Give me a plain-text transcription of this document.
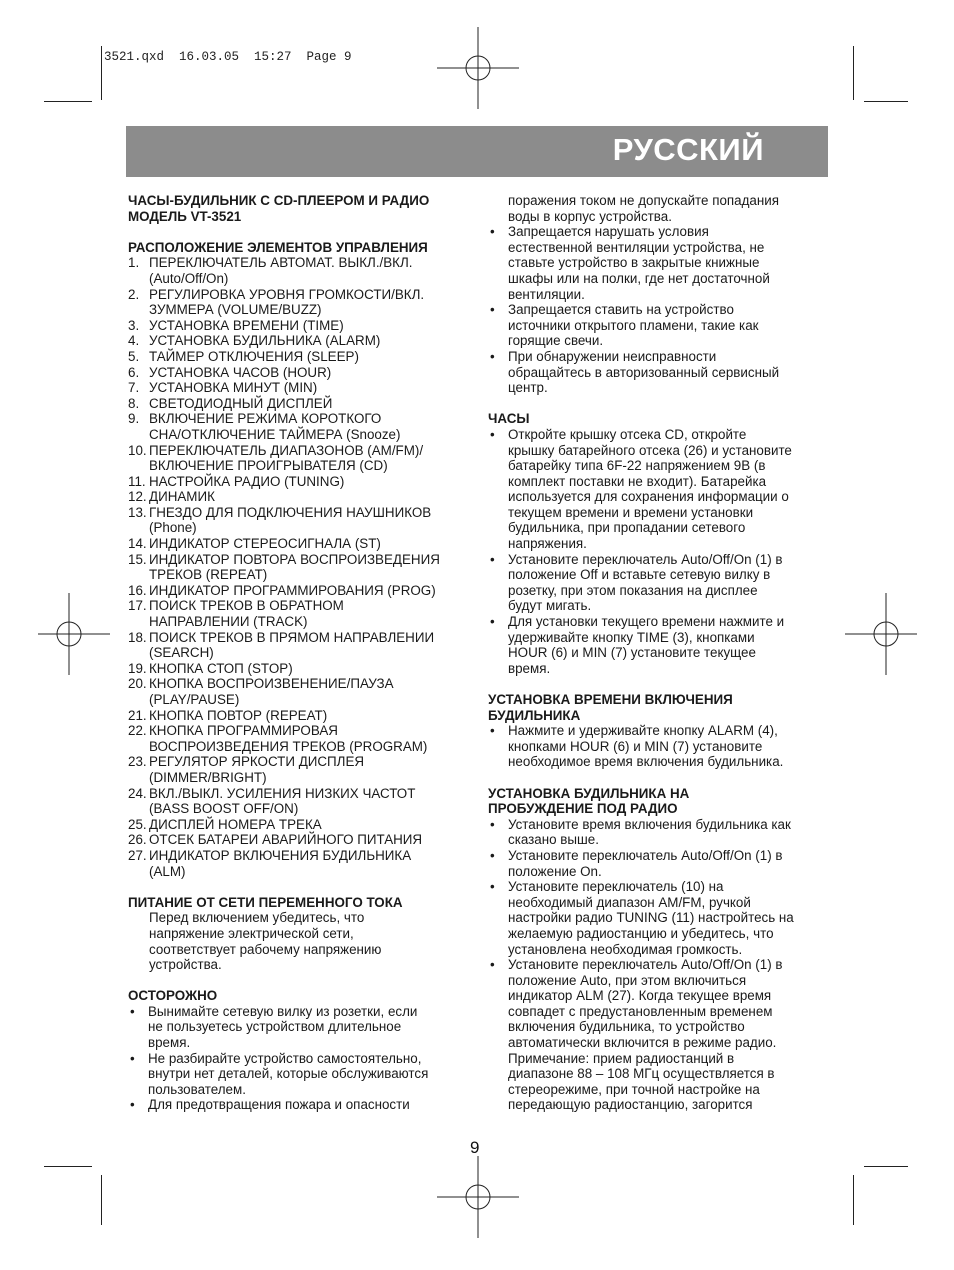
3521.qxd  16.03.05  15:27  Page 9
РУССКИЙ

ЧАСЫ-БУДИЛЬНИК С CD-ПЛЕЕРОМ И РАДИО

МОДЕЛЬ VT-3521

РАСПОЛОЖЕНИЕ ЭЛЕМЕНТОВ УПРАВЛЕНИЯ

1. ПЕРЕКЛЮЧАТЕЛЬ АВТОМАТ. ВЫКЛ./ВКЛ.
(Auto/Off/On)
2. РЕГУЛИРОВКА УРОВНЯ ГРОМКОСТИ/ВКЛ.
ЗУММЕРА (VOLUME/BUZZ)
3. УСТАНОВКА ВРЕМЕНИ (TIME)
4. УСТАНОВКА БУДИЛЬНИКА (ALARM)
5. ТАЙМЕР ОТКЛЮЧЕНИЯ (SLEEP)
6. УСТАНОВКА ЧАСОВ (HOUR)
7. УСТАНОВКА МИНУТ (MIN)
8. СВЕТОДИОДНЫЙ ДИСПЛЕЙ
9. ВКЛЮЧЕНИЕ РЕЖИМА КОРОТКОГО
СНА/ОТКЛЮЧЕНИЕ ТАЙМЕРА (Snooze)
10. ПЕРЕКЛЮЧАТЕЛЬ ДИАПАЗОНОВ (AM/FM)/
ВКЛЮЧЕНИЕ ПРОИГРЫВАТЕЛЯ (CD)
11. НАСТРОЙКА РАДИО (TUNING)
12. ДИНАМИК
13. ГНЕЗДО ДЛЯ ПОДКЛЮЧЕНИЯ НАУШНИКОВ
(Phone)
14. ИНДИКАТОР СТЕРЕОСИГНАЛА (ST)
15. ИНДИКАТОР ПОВТОРА ВОСПРОИЗВЕДЕНИЯ
ТРЕКОВ (REPEAT)
16. ИНДИКАТОР ПРОГРАММИРОВАНИЯ (PROG)
17. ПОИСК ТРЕКОВ В ОБРАТНОМ
НАПРАВЛЕНИИ (TRACK)
18. ПОИСК ТРЕКОВ В ПРЯМОМ НАПРАВЛЕНИИ
(SEARCH)
19. КНОПКА СТОП (STOP)
20. КНОПКА ВОСПРОИЗВЕНЕНИЕ/ПАУЗА
(PLAY/PAUSE)
21. КНОПКА ПОВТОР (REPEAT)
22. КНОПКА ПРОГРАММИРОВАЯ
ВОСПРОИЗВЕДЕНИЯ ТРЕКОВ (PROGRAM)
23. РЕГУЛЯТОР ЯРКОСТИ ДИСПЛЕЯ
(DIMMER/BRIGHT)
24. ВКЛ./ВЫКЛ. УСИЛЕНИЯ НИЗКИХ ЧАСТОТ
(BASS BOOST OFF/ON)
25. ДИСПЛЕЙ НОМЕРА ТРЕКА
26. ОТСЕК БАТАРЕИ АВАРИЙНОГО ПИТАНИЯ
27. ИНДИКАТОР ВКЛЮЧЕНИЯ БУДИЛЬНИКА
(ALM)

ПИТАНИЕ ОТ СЕТИ ПЕРЕМЕННОГО ТОКА

Перед включением убедитесь, что
напряжение электрической сети,
соответствует рабочему напряжению
устройства.

ОСТОРОЖНО

• Вынимайте сетевую вилку из розетки, если
не пользуетесь устройством длительное
время.
• Не разбирайте устройство самостоятельно,
внутри нет деталей, которые обслуживаются
пользователем.
• Для предотвращения пожара и опасности
поражения током не допускайте попадания
воды в корпус устройства.
• Запрещается нарушать условия
естественной вентиляции устройства, не
ставьте устройство в закрытые книжные
шкафы или на полки, где нет достаточной
вентиляции.
• Запрещается ставить на устройство
источники открытого пламени, такие как
горящие свечи.
• При обнаружении неисправности
обращайтесь в авторизованный сервисный
центр.

ЧАСЫ

• Откройте крышку отсека CD, откройте
крышку батарейного отсека (26) и установите
батарейку типа 6F-22 напряжением 9В (в
комплект поставки не входит). Батарейка
используется для сохранения информации о
текущем времени и времени установки
будильника, при пропадании сетевого
напряжения.
• Установите переключатель Auto/Off/On (1) в
положение Off и вставьте сетевую вилку в
розетку, при этом показания на дисплее
будут мигать.
• Для установки текущего времени нажмите и
удерживайте кнопку TIME (3), кнопками
HOUR (6) и MIN (7) установите текущее
время.

УСТАНОВКА ВРЕМЕНИ ВКЛЮЧЕНИЯ

БУДИЛЬНИКА

• Нажмите и удерживайте кнопку ALARM (4),
кнопками HOUR (6) и MIN (7) установите
необходимое время включения будильника.

УСТАНОВКА БУДИЛЬНИКА НА

ПРОБУЖДЕНИЕ ПОД РАДИО

• Установите время включения будильника как
сказано выше.
• Установите переключатель Auto/Off/On (1) в
положение On.
• Установите переключатель (10) на
необходимый диапазон AM/FM, ручкой
настройки радио TUNING (11) настройтесь на
желаемую радиостанцию и убедитесь, что
установлена необходимая громкость.
• Установите переключатель Auto/Off/On (1) в
положение Auto, при этом включиться
индикатор ALM (27). Когда текущее время
совпадет с предустановленным временем
включения будильника, то устройство
автоматически включится в режиме радио.
Примечание: прием радиостанций в
диапазоне 88 – 108 МГц осуществляется в
стереорежиме, при точной настройке на
передающую радиостанцию, загорится
9
